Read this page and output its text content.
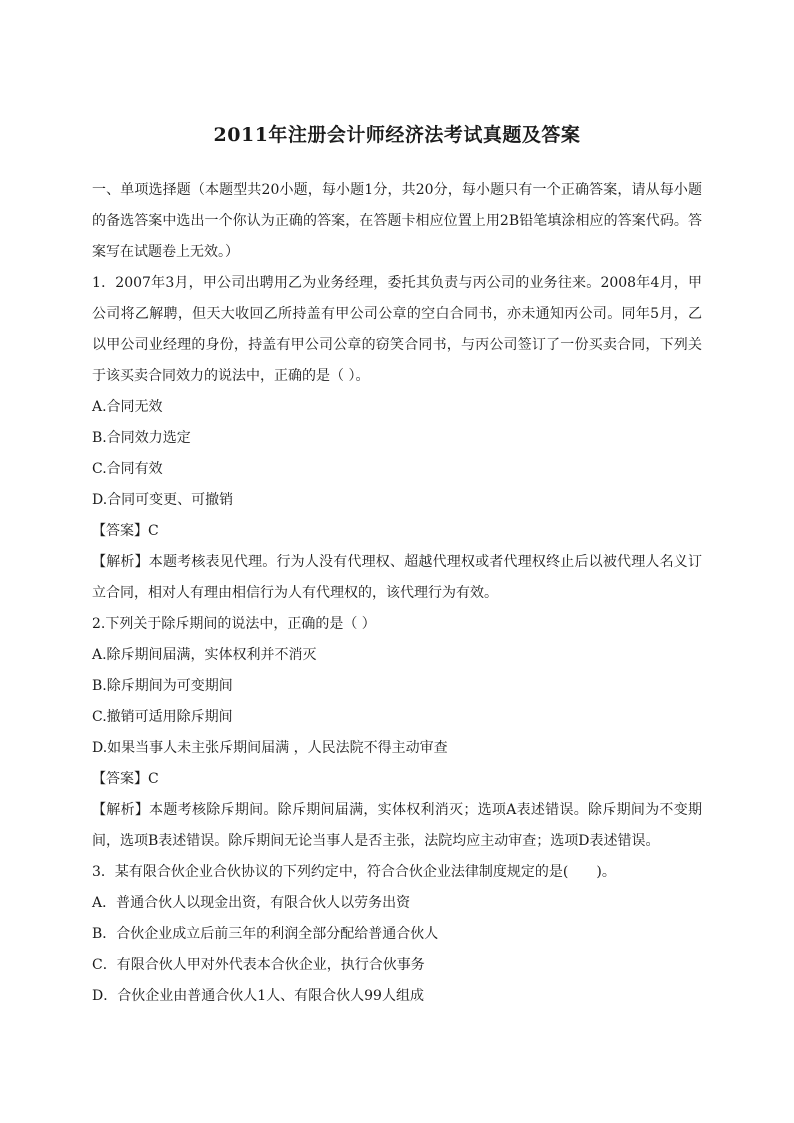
2011年注册会计师经济法考试真题及答案

一、单项选择题（本题型共20小题，每小题1分，共20分，每小题只有一个正确答案，请从每小题的备选答案中选出一个你认为正确的答案，在答题卡相应位置上用2B铅笔填涂相应的答案代码。答案写在试题卷上无效。）

1．2007年3月，甲公司出聘用乙为业务经理，委托其负责与丙公司的业务往来。2008年4月，甲公司将乙解聘，但天大收回乙所持盖有甲公司公章的空白合同书，亦未通知丙公司。同年5月，乙以甲公司业经理的身份，持盖有甲公司公章的窃笑合同书，与丙公司签订了一份买卖合同，下列关于该买卖合同效力的说法中，正确的是（ ）。

A.合同无效

B.合同效力选定

C.合同有效

D.合同可变更、可撤销

【答案】C

【解析】本题考核表见代理。行为人没有代理权、超越代理权或者代理权终止后以被代理人名义订立合同，相对人有理由相信行为人有代理权的，该代理行为有效。

2.下列关于除斥期间的说法中，正确的是（ ）

A.除斥期间届满，实体权利并不消灭

B.除斥期间为可变期间

C.撤销可适用除斥期间

D.如果当事人未主张斥期间届满 ，人民法院不得主动审查

【答案】C

【解析】本题考核除斥期间。除斥期间届满，实体权利消灭；选项A表述错误。除斥期间为不变期间，选项B表述错误。除斥期间无论当事人是否主张，法院均应主动审查；选项D表述错误。

3．某有限合伙企业合伙协议的下列约定中，符合合伙企业法律制度规定的是(　　)。

A．普通合伙人以现金出资，有限合伙人以劳务出资

B．合伙企业成立后前三年的利润全部分配给普通合伙人

C．有限合伙人甲对外代表本合伙企业，执行合伙事务

D．合伙企业由普通合伙人1人、有限合伙人99人组成
